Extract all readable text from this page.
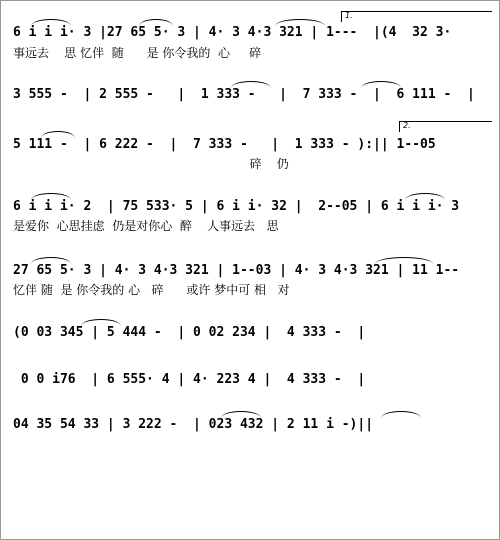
1.
2.
6 i i i· 3 |27 65 5· 3 | 4· 3 4·3 321 | 1---  |(4  32 3·
事远去    思 忆伴  随      是 你令我的  心     碎
3 555 -  | 2 555 -   |  1 333 -   |  7 333 -  |  6 111 -  |
5 111 -  | 6 222 -  |  7 333 -   |  1 333 - ):|| 1--05
碎    仍
6 i i i· 2  | 75 533· 5 | 6 i i· 32 |  2--05 | 6 i i i· 3
是爱你  心思挂虑  仍是对你心  醉    人事远去   思
27 65 5· 3 | 4· 3 4·3 321 | 1--03 | 4· 3 4·3 321 | 11 1--
忆伴 随  是 你令我的 心   碎      或许 梦中可 相   对
(0 03 345 | 5 444 -  | 0 02 234 |  4 333 -  |
0 0 i76  | 6 555· 4 | 4· 223 4 |  4 333 -  |
04 35 54 33 | 3 222 -  | 023 432 | 2 11 i -)||
